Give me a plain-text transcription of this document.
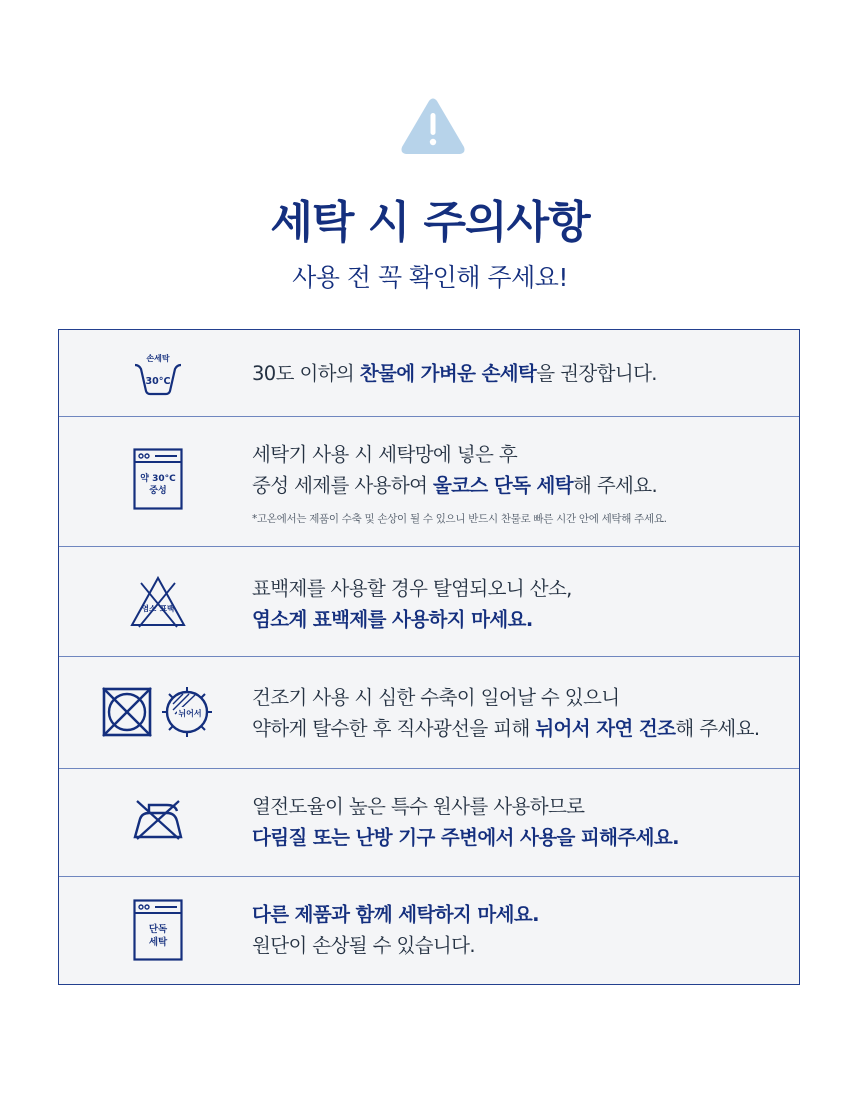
세탁 시 주의사항
사용 전 꼭 확인해 주세요!
손세탁
30°C	30도 이하의 찬물에 가벼운 손세탁을 권장합니다.
약 30°C
중성
세탁기 사용 시 세탁망에 넣은 후
중성 세제를 사용하여 울코스 단독 세탁해 주세요.
*고온에서는 제품이 수축 및 손상이 될 수 있으니 반드시 찬물로 빠른 시간 안에 세탁해 주세요.
염소 표백
표백제를 사용할 경우 탈염되오니 산소,
염소계 표백제를 사용하지 마세요.
뉘어서
건조기 사용 시 심한 수축이 일어날 수 있으니
약하게 탈수한 후 직사광선을 피해 뉘어서 자연 건조해 주세요.
열전도율이 높은 특수 원사를 사용하므로
다림질 또는 난방 기구 주변에서 사용을 피해주세요.
단독
세탁
다른 제품과 함께 세탁하지 마세요.
원단이 손상될 수 있습니다.
